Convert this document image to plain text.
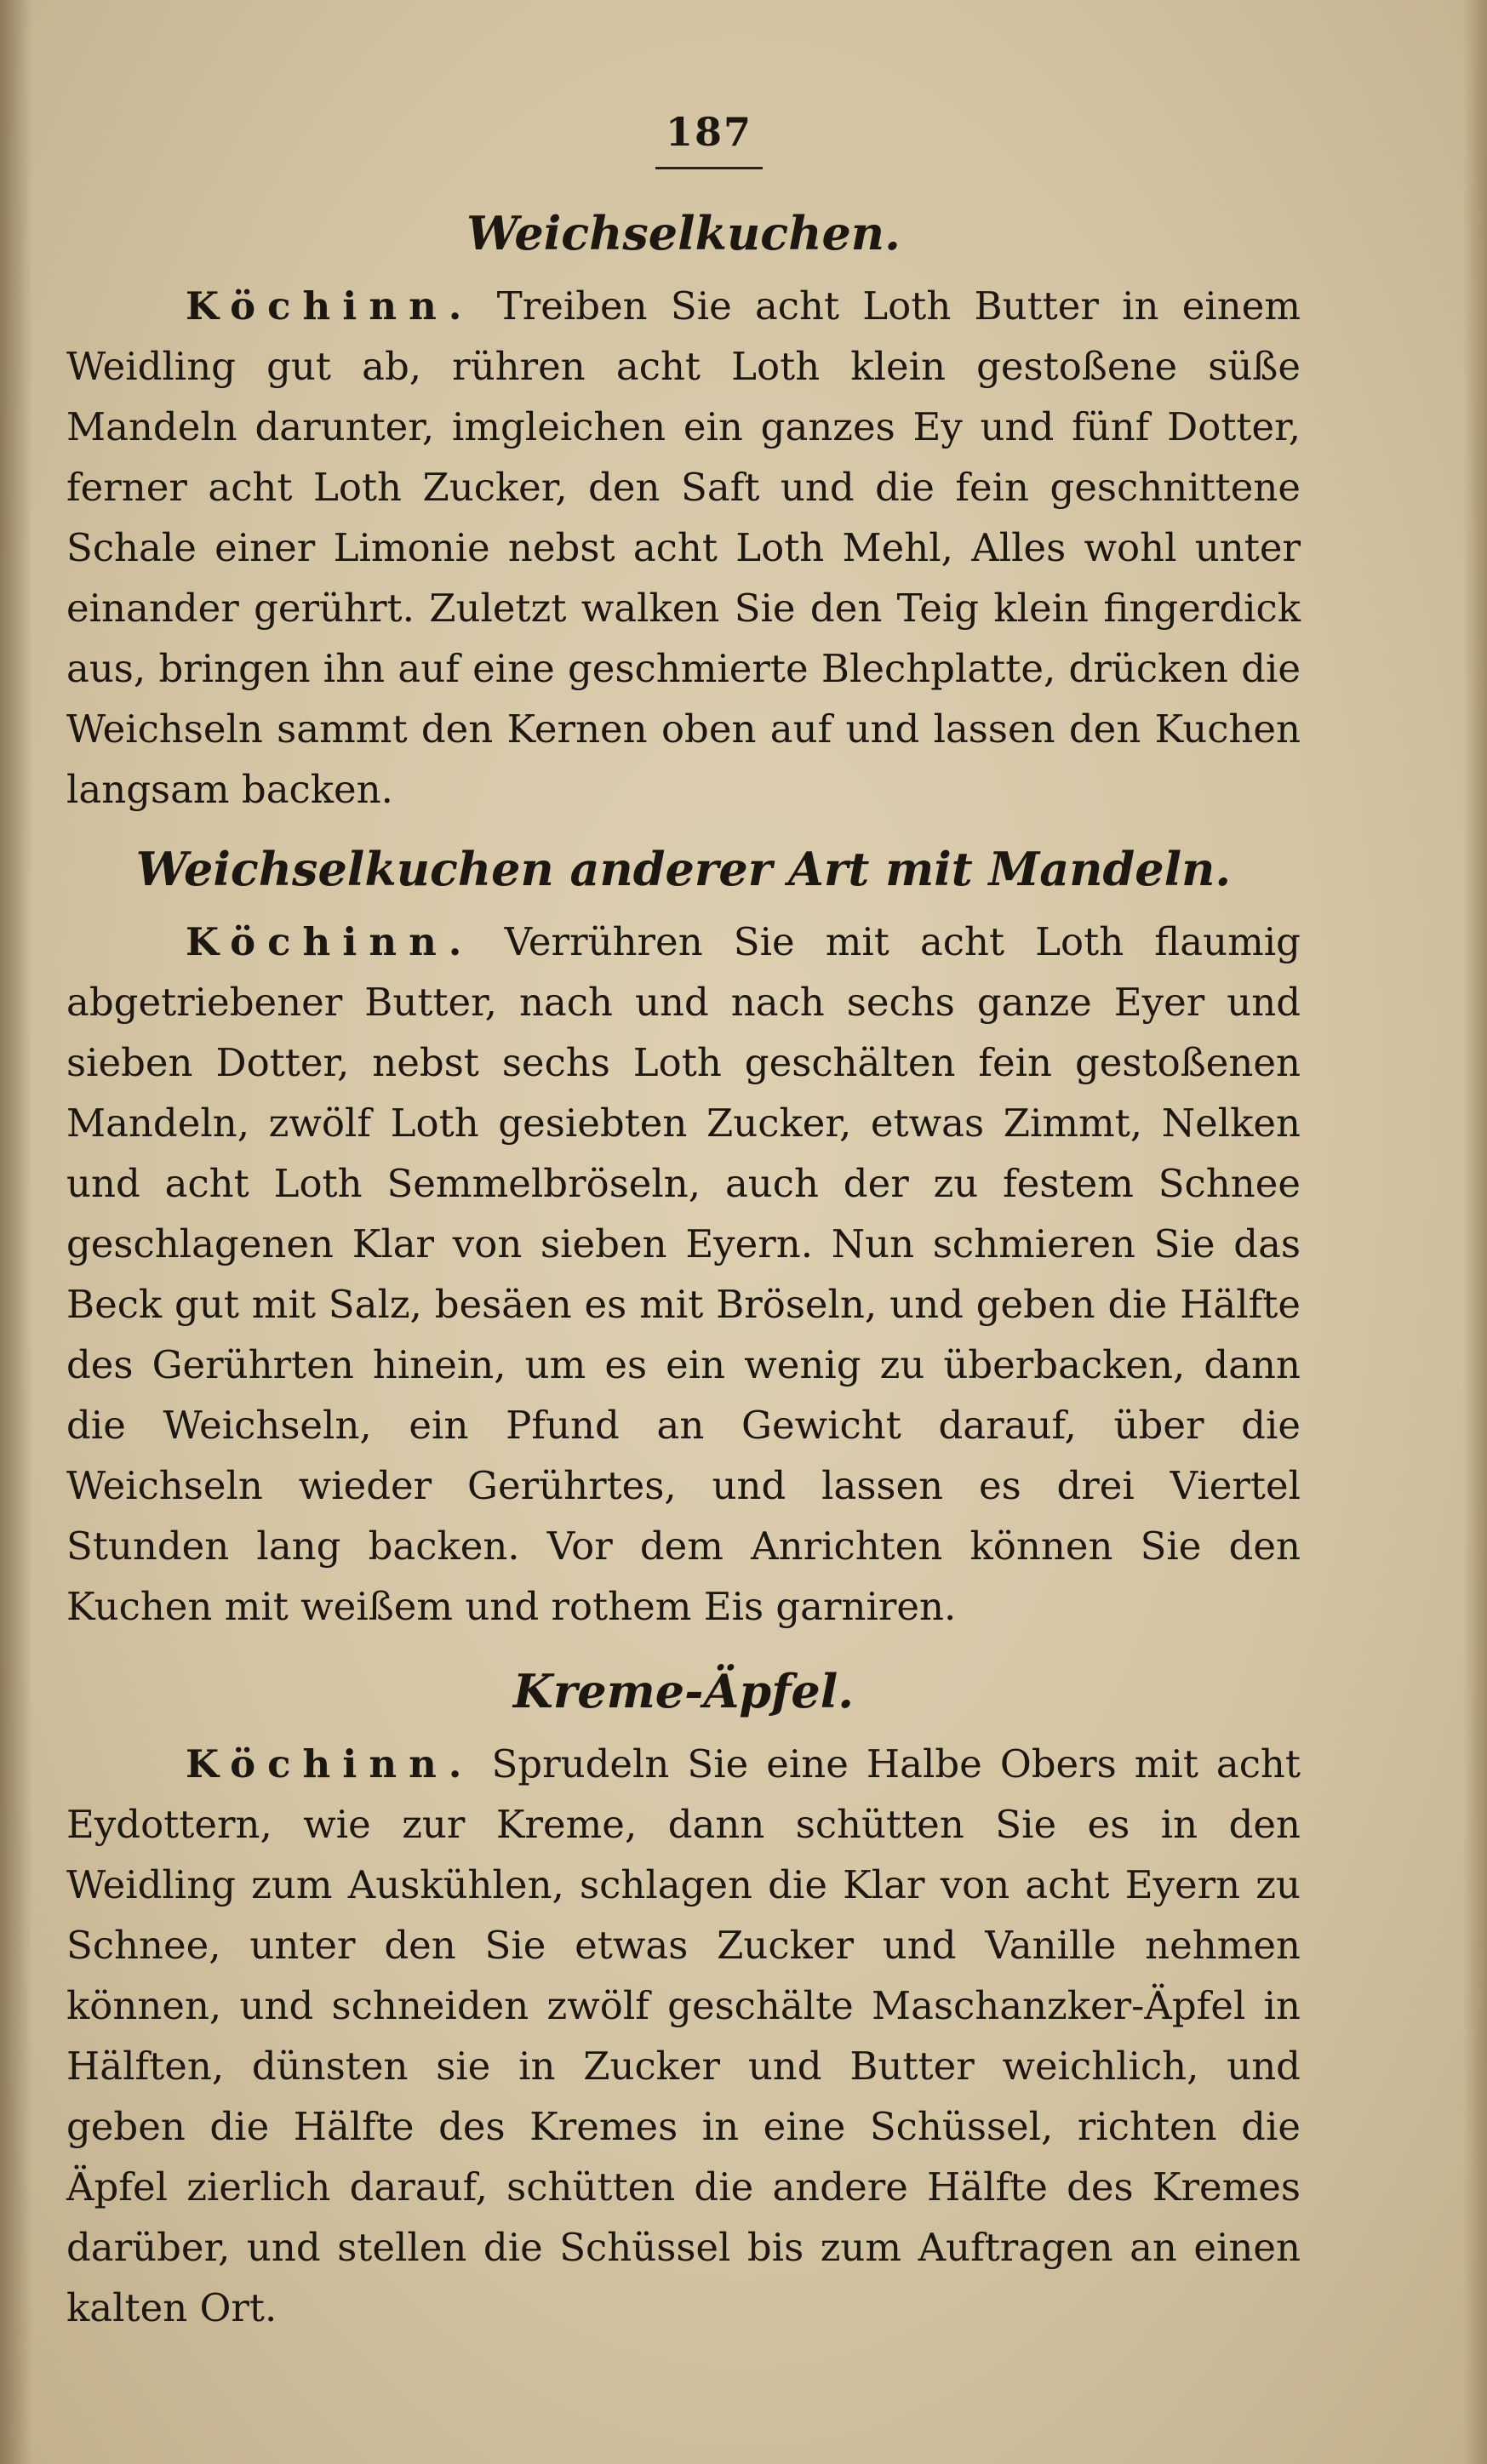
187
Weichselkuchen.

Köchinn. Treiben Sie acht Loth Butter in einem Weidling gut ab, rühren acht Loth klein gestoßene süße Mandeln darunter, imgleichen ein ganzes Ey und fünf Dotter, ferner acht Loth Zucker, den Saft und die fein geschnittene Schale einer Limonie nebst acht Loth Mehl, Alles wohl unter einander gerührt. Zuletzt walken Sie den Teig klein fingerdick aus, bringen ihn auf eine geschmierte Blechplatte, drücken die Weichseln sammt den Kernen oben auf und lassen den Kuchen langsam backen.

Weichselkuchen anderer Art mit Mandeln.

Köchinn. Verrühren Sie mit acht Loth flaumig abgetriebener Butter, nach und nach sechs ganze Eyer und sieben Dotter, nebst sechs Loth geschälten fein gestoßenen Mandeln, zwölf Loth gesiebten Zucker, etwas Zimmt, Nelken und acht Loth Semmelbröseln, auch der zu festem Schnee geschlagenen Klar von sieben Eyern. Nun schmieren Sie das Beck gut mit Salz, besäen es mit Bröseln, und geben die Hälfte des Gerührten hinein, um es ein wenig zu überbacken, dann die Weichseln, ein Pfund an Gewicht darauf, über die Weichseln wieder Gerührtes, und lassen es drei Viertel Stunden lang backen. Vor dem Anrichten können Sie den Kuchen mit weißem und rothem Eis garniren.

Kreme-Äpfel.

Köchinn. Sprudeln Sie eine Halbe Obers mit acht Eydottern, wie zur Kreme, dann schütten Sie es in den Weidling zum Auskühlen, schlagen die Klar von acht Eyern zu Schnee, unter den Sie etwas Zucker und Vanille nehmen können, und schneiden zwölf geschälte Maschanzker-Äpfel in Hälften, dünsten sie in Zucker und Butter weichlich, und geben die Hälfte des Kremes in eine Schüssel, richten die Äpfel zierlich darauf, schütten die andere Hälfte des Kremes darüber, und stellen die Schüssel bis zum Auftragen an einen kalten Ort.
